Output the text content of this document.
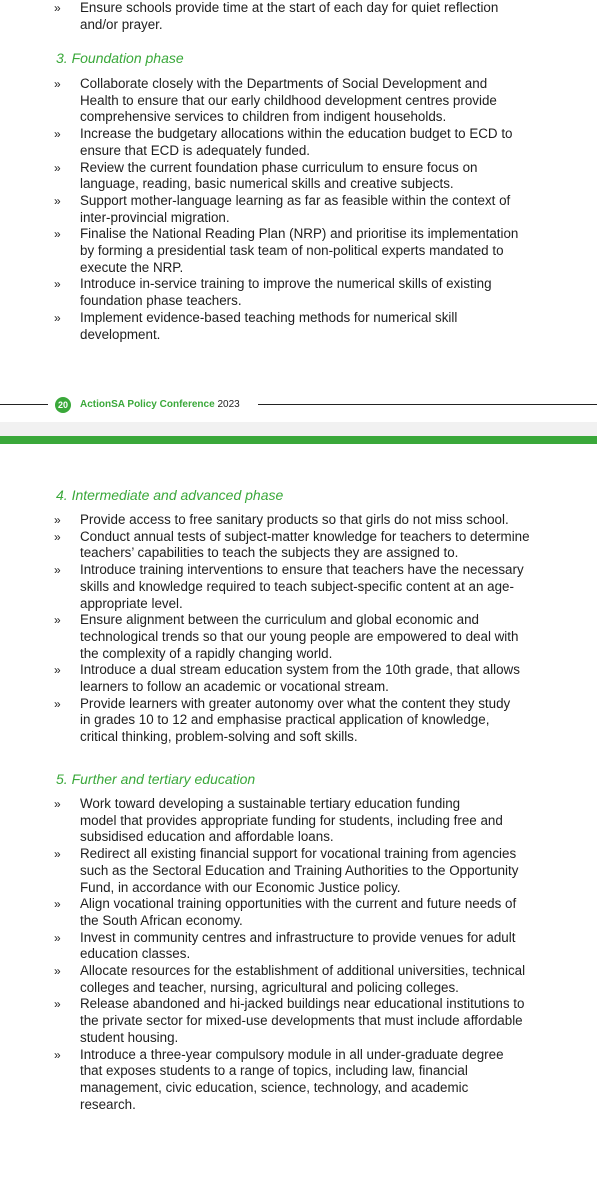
»	Ensure schools provide time at the start of each day for quiet reflection
and/or prayer.
3. Foundation phase
»	Collaborate closely with the Departments of Social Development and
Health to ensure that our early childhood development centres provide
comprehensive services to children from indigent households.
»	Increase the budgetary allocations within the education budget to ECD to
ensure that ECD is adequately funded.
»	Review the current foundation phase curriculum to ensure focus on
language, reading, basic numerical skills and creative subjects.
»	Support mother-language learning as far as feasible within the context of
inter-provincial migration.
»	Finalise the National Reading Plan (NRP) and prioritise its implementation
by forming a presidential task team of non-political experts mandated to
execute the NRP.
»	Introduce in-service training to improve the numerical skills of existing
foundation phase teachers.
»	Implement evidence-based teaching methods for numerical skill
development.
20	ActionSA Policy Conference 2023
4. Intermediate and advanced phase
»	Provide access to free sanitary products so that girls do not miss school.
»	Conduct annual tests of subject-matter knowledge for teachers to determine
teachers’ capabilities to teach the subjects they are assigned to.
»	Introduce training interventions to ensure that teachers have the necessary
skills and knowledge required to teach subject-specific content at an age-
appropriate level.
»	Ensure alignment between the curriculum and global economic and
technological trends so that our young people are empowered to deal with
the complexity of a rapidly changing world.
»	Introduce a dual stream education system from the 10th grade, that allows
learners to follow an academic or vocational stream.
»	Provide learners with greater autonomy over what the content they study
in grades 10 to 12 and emphasise practical application of knowledge,
critical thinking, problem-solving and soft skills.
5. Further and tertiary education
»	Work toward developing a sustainable tertiary education funding
model that provides appropriate funding for students, including free and
subsidised education and affordable loans.
»	Redirect all existing financial support for vocational training from agencies
such as the Sectoral Education and Training Authorities to the Opportunity
Fund, in accordance with our Economic Justice policy.
»	Align vocational training opportunities with the current and future needs of
the South African economy.
»	Invest in community centres and infrastructure to provide venues for adult
education classes.
»	Allocate resources for the establishment of additional universities, technical
colleges and teacher, nursing, agricultural and policing colleges.
»	Release abandoned and hi-jacked buildings near educational institutions to
the private sector for mixed-use developments that must include affordable
student housing.
»	Introduce a three-year compulsory module in all under-graduate degree
that exposes students to a range of topics, including law, financial
management, civic education, science, technology, and academic
research.
